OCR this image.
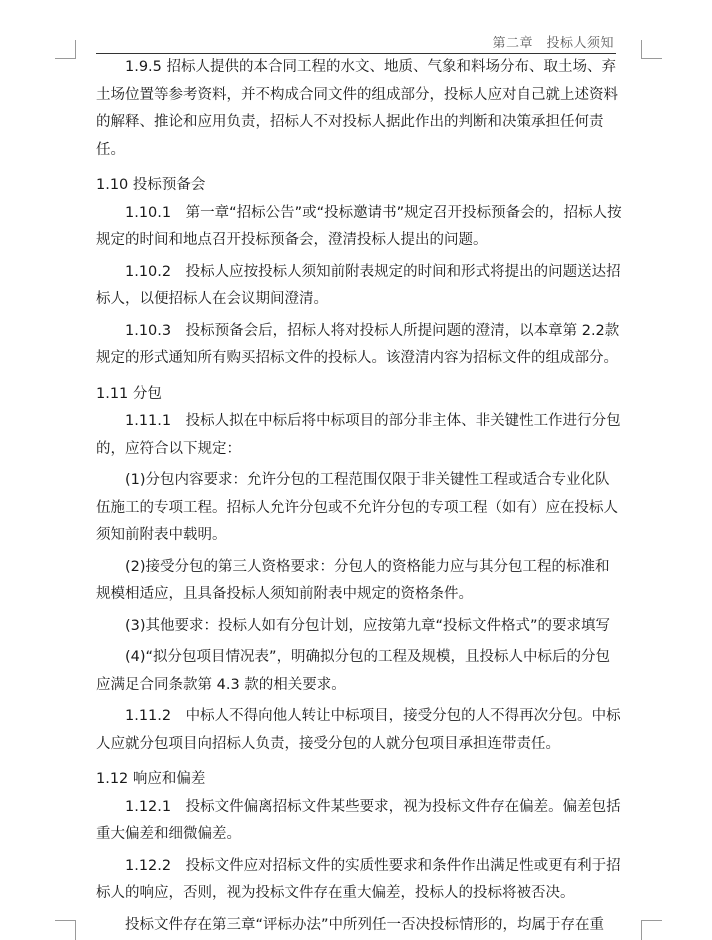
第二章　投标人须知

1.9.5 招标人提供的本合同工程的水文、地质、气象和料场分布、取土场、弃土场位置等参考资料，并不构成合同文件的组成部分，投标人应对自己就上述资料的解释、推论和应用负责，招标人不对投标人据此作出的判断和决策承担任何责任。

1.10 投标预备会

1.10.1　第一章“招标公告”或“投标邀请书”规定召开投标预备会的，招标人按规定的时间和地点召开投标预备会，澄清投标人提出的问题。

1.10.2　投标人应按投标人须知前附表规定的时间和形式将提出的问题送达招标人，以便招标人在会议期间澄清。

1.10.3　投标预备会后，招标人将对投标人所提问题的澄清，以本章第 2.2款规定的形式通知所有购买招标文件的投标人。该澄清内容为招标文件的组成部分。

1.11 分包

1.11.1　投标人拟在中标后将中标项目的部分非主体、非关键性工作进行分包的，应符合以下规定：

(1)分包内容要求：允许分包的工程范围仅限于非关键性工程或适合专业化队伍施工的专项工程。招标人允许分包或不允许分包的专项工程（如有）应在投标人须知前附表中载明。

(2)接受分包的第三人资格要求：分包人的资格能力应与其分包工程的标准和规模相适应，且具备投标人须知前附表中规定的资格条件。

(3)其他要求：投标人如有分包计划，应按第九章“投标文件格式”的要求填写

(4)“拟分包项目情况表”，明确拟分包的工程及规模，且投标人中标后的分包应满足合同条款第 4.3 款的相关要求。

1.11.2　中标人不得向他人转让中标项目，接受分包的人不得再次分包。中标人应就分包项目向招标人负责，接受分包的人就分包项目承担连带责任。

1.12 响应和偏差

1.12.1　投标文件偏离招标文件某些要求，视为投标文件存在偏差。偏差包括重大偏差和细微偏差。

1.12.2　投标文件应对招标文件的实质性要求和条件作出满足性或更有利于招标人的响应，否则，视为投标文件存在重大偏差，投标人的投标将被否决。

投标文件存在第三章“评标办法”中所列任一否决投标情形的，均属于存在重
